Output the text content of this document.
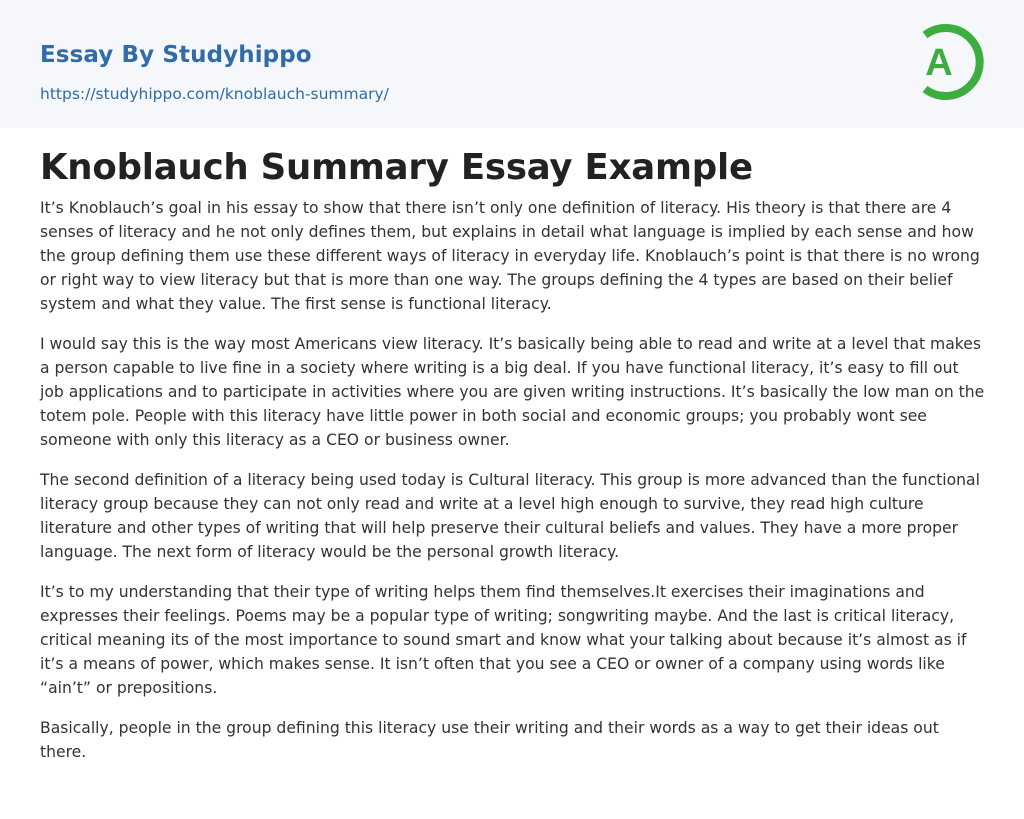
Essay By Studyhippo
https://studyhippo.com/knoblauch-summary/
A
Knoblauch Summary Essay Example

It’s Knoblauch’s goal in his essay to show that there isn’t only one definition of literacy. His theory is that there are 4 senses of literacy and he not only defines them, but explains in detail what language is implied by each sense and how the group defining them use these different ways of literacy in everyday life. Knoblauch’s point is that there is no wrong or right way to view literacy but that is more than one way. The groups defining the 4 types are based on their belief system and what they value. The first sense is functional literacy.

I would say this is the way most Americans view literacy. It’s basically being able to read and write at a level that makes a person capable to live fine in a society where writing is a big deal. If you have functional literacy, it’s easy to fill out job applications and to participate in activities where you are given writing instructions. It’s basically the low man on the totem pole. People with this literacy have little power in both social and economic groups; you probably wont see someone with only this literacy as a CEO or business owner.

The second definition of a literacy being used today is Cultural literacy. This group is more advanced than the functional literacy group because they can not only read and write at a level high enough to survive, they read high culture literature and other types of writing that will help preserve their cultural beliefs and values. They have a more proper language. The next form of literacy would be the personal growth literacy.

It’s to my understanding that their type of writing helps them find themselves.It exercises their imaginations and expresses their feelings. Poems may be a popular type of writing; songwriting maybe. And the last is critical literacy, critical meaning its of the most importance to sound smart and know what your talking about because it’s almost as if it’s a means of power, which makes sense. It isn’t often that you see a CEO or owner of a company using words like “ain’t” or prepositions.

Basically, people in the group defining this literacy use their writing and their words as a way to get their ideas out there.
